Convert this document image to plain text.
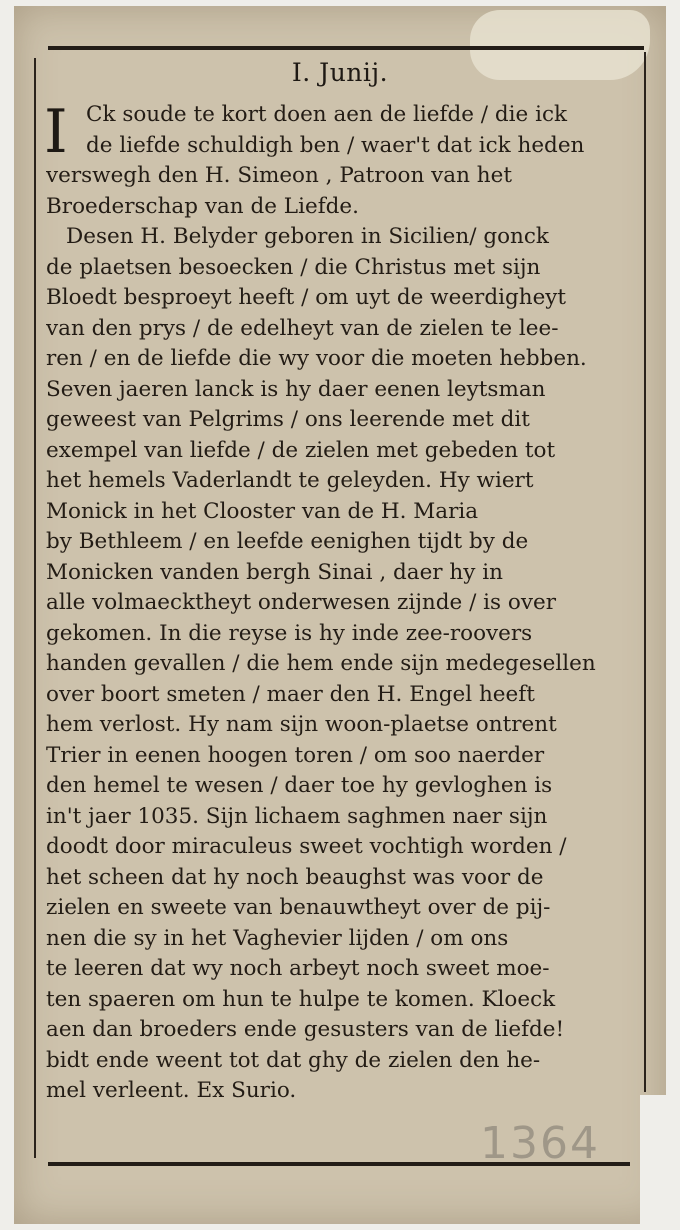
I. Junij.
I Ck soude te kort doen aen de liefde / die ick
de liefde schuldigh ben / waer't dat ick heden
verswegh den H. Simeon , Patroon van het
Broederschap van de Liefde.
Desen H. Belyder geboren in Sicilien/ gonck
de plaetsen besoecken / die Christus met sijn
Bloedt besproeyt heeft / om uyt de weerdigheyt
van den prys / de edelheyt van de zielen te lee-
ren / en de liefde die wy voor die moeten hebben.
Seven jaeren lanck is hy daer eenen leytsman
geweest van Pelgrims / ons leerende met dit
exempel van liefde / de zielen met gebeden tot
het hemels Vaderlandt te geleyden. Hy wiert
Monick in het Clooster van de H. Maria
by Bethleem / en leefde eenighen tijdt by de
Monicken vanden bergh Sinai , daer hy in
alle volmaecktheyt onderwesen zijnde / is over
gekomen. In die reyse is hy inde zee-roovers
handen gevallen / die hem ende sijn medegesellen
over boort smeten / maer den H. Engel heeft
hem verlost. Hy nam sijn woon-plaetse ontrent
Trier in eenen hoogen toren / om soo naerder
den hemel te wesen / daer toe hy gevloghen is
in't jaer 1035. Sijn lichaem saghmen naer sijn
doodt door miraculeus sweet vochtigh worden /
het scheen dat hy noch beaughst was voor de
zielen en sweete van benauwtheyt over de pij-
nen die sy in het Vaghevier lijden / om ons
te leeren dat wy noch arbeyt noch sweet moe-
ten spaeren om hun te hulpe te komen. Kloeck
aen dan broeders ende gesusters van de liefde!
bidt ende weent tot dat ghy de zielen den he-
mel verleent. Ex Surio.
1364
